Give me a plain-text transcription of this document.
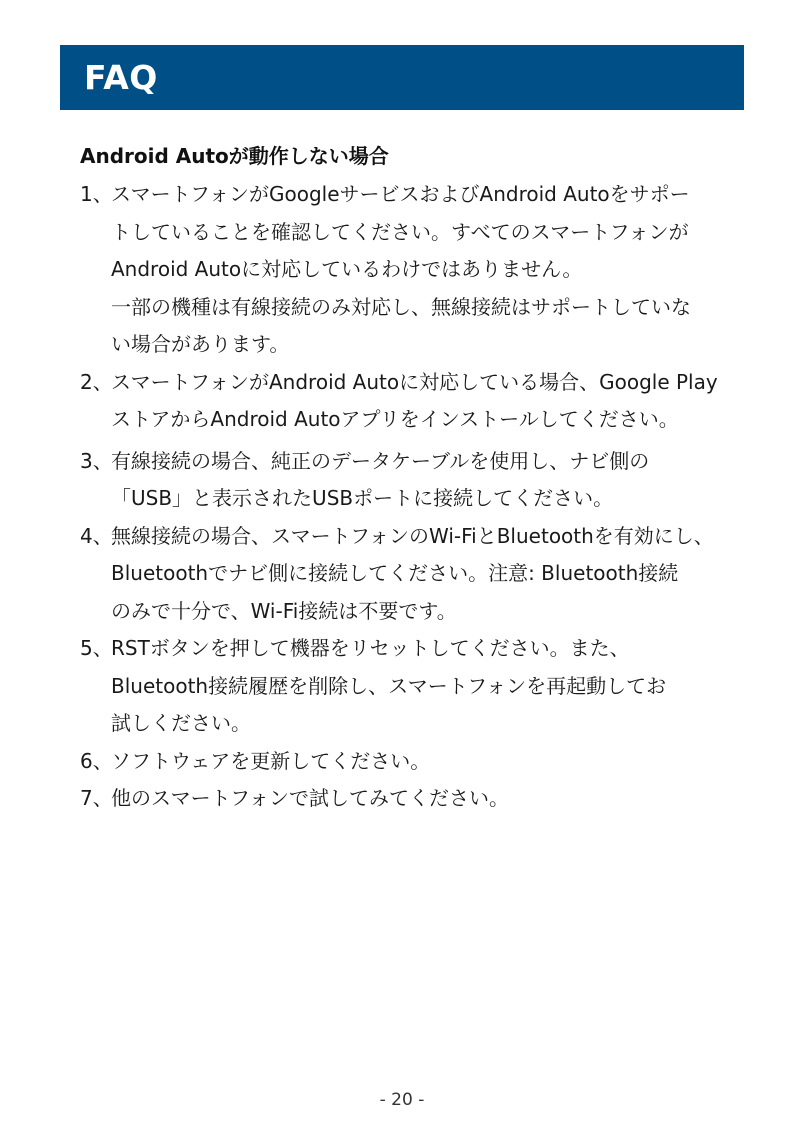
FAQ
Android Autoが動作しない場合
1、
スマートフォンがGoogleサービスおよびAndroid Autoをサポー
トしていることを確認してください。すべてのスマートフォンが
Android Autoに対応しているわけではありません。
一部の機種は有線接続のみ対応し、無線接続はサポートしていな
い場合があります。
2、
スマートフォンがAndroid Autoに対応している場合、Google Play
ストアからAndroid Autoアプリをインストールしてください。
3、
有線接続の場合、純正のデータケーブルを使用し、ナビ側の
「USB」と表示されたUSBポートに接続してください。
4、
無線接続の場合、スマートフォンのWi-FiとBluetoothを有効にし、
Bluetoothでナビ側に接続してください。注意: Bluetooth接続
のみで十分で、Wi-Fi接続は不要です。
5、
RSTボタンを押して機器をリセットしてください。また、
Bluetooth接続履歴を削除し、スマートフォンを再起動してお
試しください。
6、
ソフトウェアを更新してください。
7、
他のスマートフォンで試してみてください。
- 20 -
